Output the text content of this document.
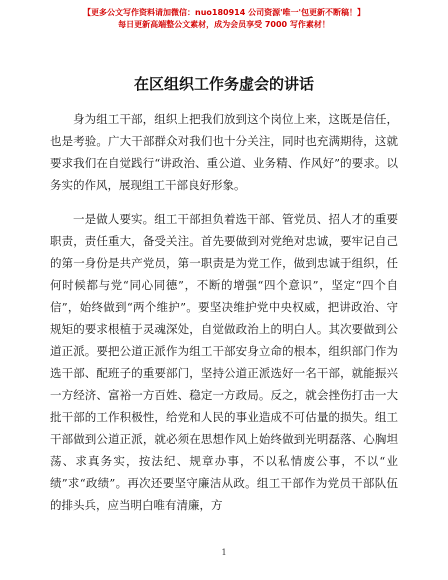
【更多公文写作资料请加微信：nuo180914 公司资源'唯一'包更新不断稿！】
每日更新高端整公文素材，成为会员享受 7000 写作素材！
在区组织工作务虚会的讲话

身为组工干部，组织上把我们放到这个岗位上来，这既是信任，也是考验。广大干部群众对我们也十分关注，同时也充满期待，这就要求我们在自觉践行“讲政治、重公道、业务精、作风好”的要求。以务实的作风，展现组工干部良好形象。

一是做人要实。组工干部担负着选干部、管党员、招人才的重要职责，责任重大，备受关注。首先要做到对党绝对忠诚，要牢记自己的第一身份是共产党员，第一职责是为党工作，做到忠诚于组织，任何时候都与党“同心同德”，不断的增强“四个意识”，坚定“四个自信”，始终做到“两个维护”。要坚决维护党中央权威，把讲政治、守规矩的要求根植于灵魂深处，自觉做政治上的明白人。其次要做到公道正派。要把公道正派作为组工干部安身立命的根本，组织部门作为选干部、配班子的重要部门，坚持公道正派选好一名干部，就能振兴一方经济、富裕一方百姓、稳定一方政局。反之，就会挫伤打击一大批干部的工作积极性，给党和人民的事业造成不可估量的损失。组工干部做到公道正派，就必须在思想作风上始终做到光明磊落、心胸坦荡、求真务实，按法纪、规章办事，不以私情废公事，不以“业绩”求“政绩”。再次还要坚守廉洁从政。组工干部作为党员干部队伍的排头兵，应当明白唯有清廉，方

1
